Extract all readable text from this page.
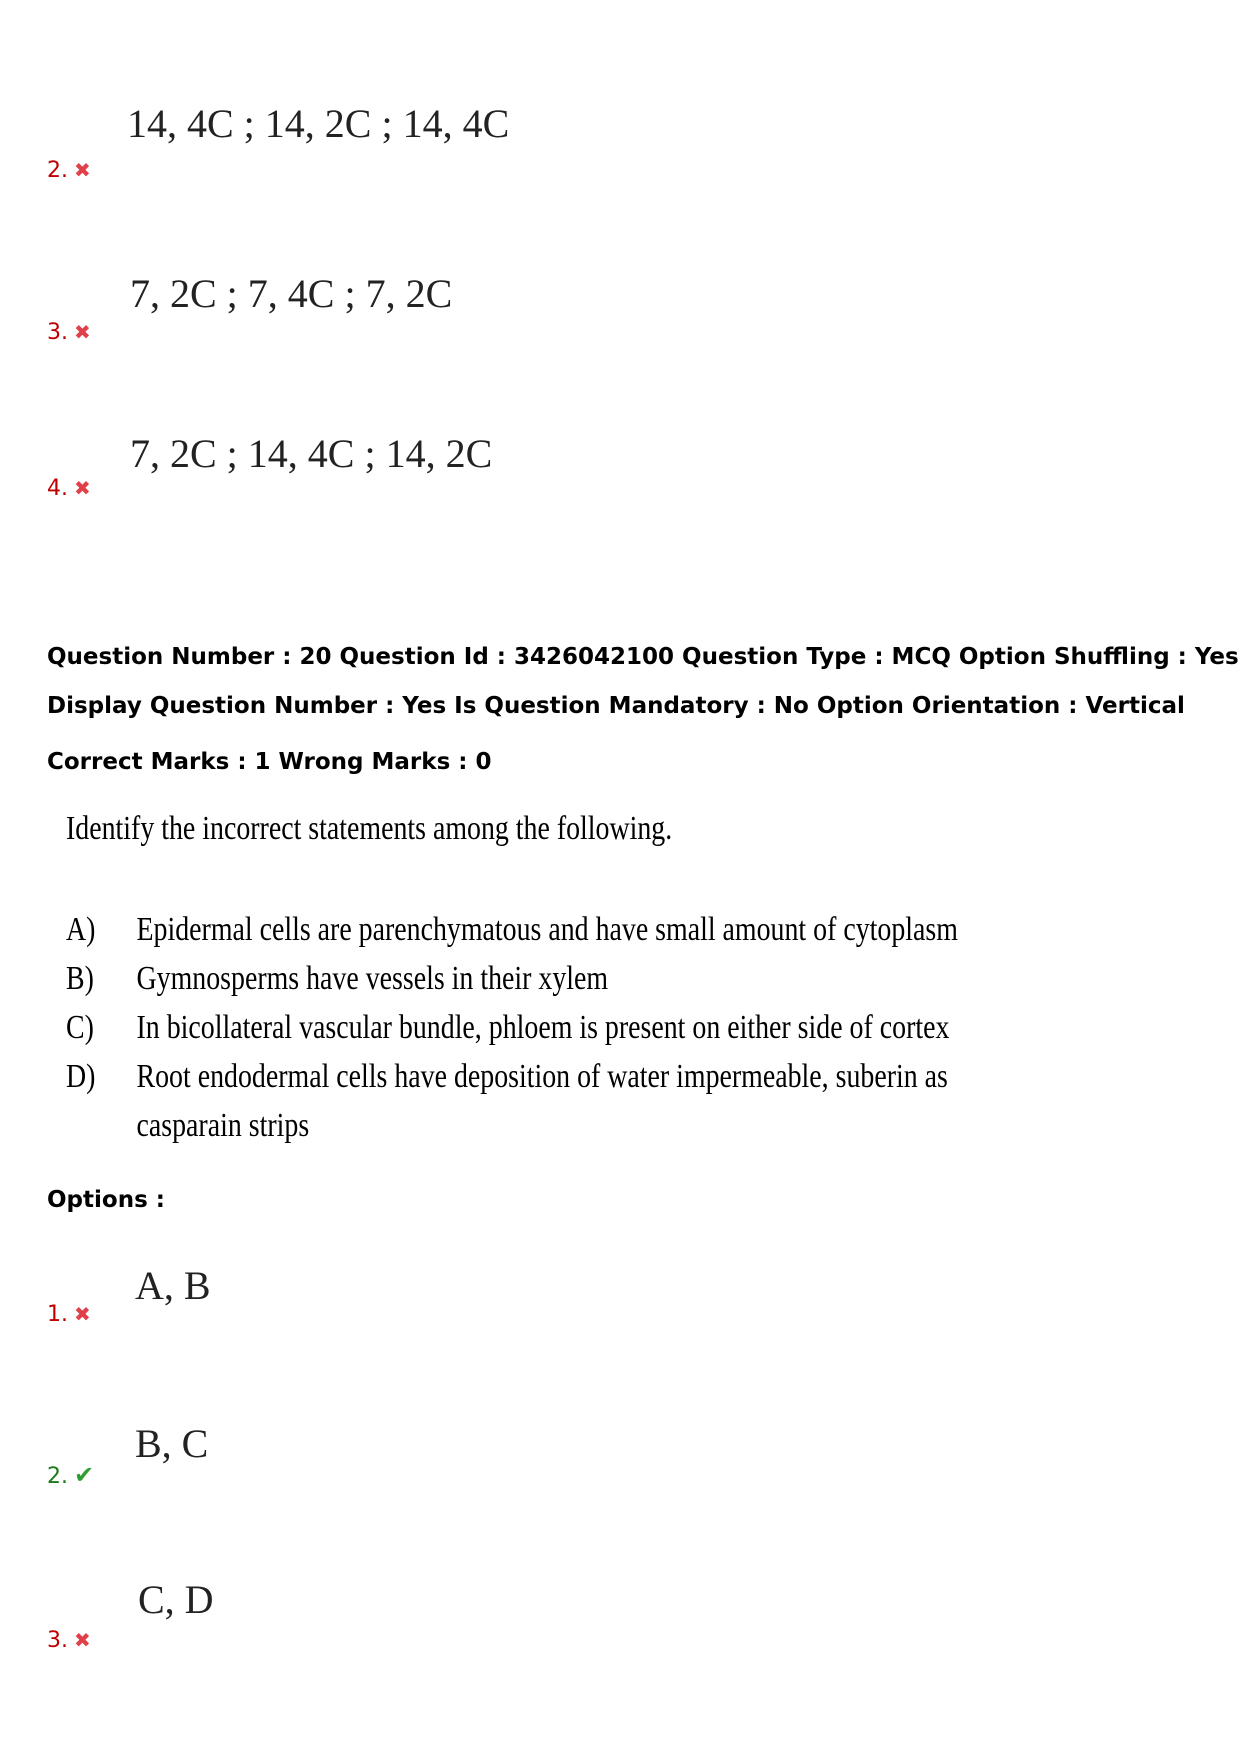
14, 4C ; 14, 2C ; 14, 4C
2. ✖
7, 2C ; 7, 4C ; 7, 2C
3. ✖
7, 2C ; 14, 4C ; 14, 2C
4. ✖
Question Number : 20 Question Id : 3426042100 Question Type : MCQ Option Shuffling : Yes
Display Question Number : Yes Is Question Mandatory : No Option Orientation : Vertical
Correct Marks : 1 Wrong Marks : 0
Identify the incorrect statements among the following.
A)	Epidermal cells are parenchymatous and have small amount of cytoplasm
B)	Gymnosperms have vessels in their xylem
C)	In bicollateral vascular bundle, phloem is present on either side of cortex
D)	Root endodermal cells have deposition of water impermeable, suberin as
casparain strips
Options :
A, B
1. ✖
B, C
2. ✔
C, D
3. ✖
